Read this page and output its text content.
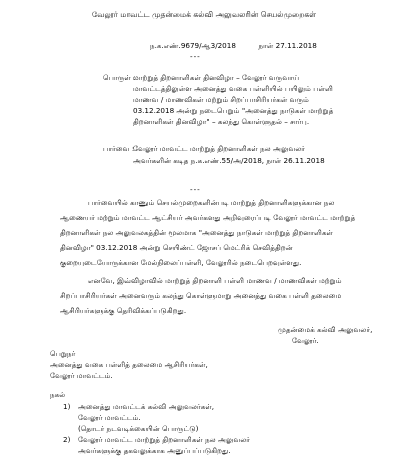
வேலூர் மாவட்ட முதன்மைக் கல்வி அலுவலரின் செயல்முறைகள்
ந.க.எண்.9679/ஆ3/2018	நாள் 27.11.2018
---
பொருள் :
மாற்றுத் திறனாளிகள் தினவிழா – வேலூர் வருவாய்
மாவட்டத்திலுள்ள அனைத்து வகை பள்ளியில் பயிலும் பள்ளி
மாணவ / மாணவிகள் மற்றும் சிறப்பாசிரியர்கள் வரும்
03.12.2018 அன்று நடைபெறும் "அனைத்து நாடுகள் மாற்றுத்
திறனாளிகள் தினவிழா" – கலந்து கொள்ளுதல் – சார்பு.
பார்வை :
வேலூர் மாவட்ட மாற்றுத் திறனாளிகள் நல அலுவலர்
அவர்களின் கடித ந.க.எண்.55/அ/2018, நாள் 26.11.2018
---
பார்வையில் காணும் செயல்முறைகளின்படி மாற்றுத் திறனாளிகளுக்கான நல
ஆணையர் மற்றும் மாவட்ட ஆட்சியர் அவர்களது அறிவுரைப்படி வேலூர் மாவட்ட மாற்றுத்
திறனாளிகள் நல அலுவலகத்தின் மூலமாக "அனைத்து நாடுகள் மாற்றுத் திறனாளிகள்
தினவிழா" 03.12.2018 அன்று செயிண்ட் ஜோசப் மெட்ரிக் செவித்திறன்
குறையுடையோருக்கான மேல்நிலைப்பள்ளி, வேலூரில் நடைபெறவுள்ளது.
எனவே, இவ்விழாவில் மாற்றுத் திறனாளி பள்ளி மாணவ / மாணவிகள் மற்றும்
சிறப்பாசிரியர்கள் அனைவரும் கலந்து கொள்ளுமாறு அனைத்து வகை பள்ளி தலைமை
ஆசிரியர்களுக்கு தெரிவிக்கப்படுகிறது.
முதன்மைக் கல்வி அலுவலர்,
வேலூர்.
பெறுநர்
அனைத்து வகை பள்ளித் தலைமை ஆசிரியர்கள்,
வேலூர் மாவட்டம்.
நகல்
1) அனைத்து மாவட்டக் கல்வி அலுவலர்கள்,
வேலூர் மாவட்டம்.
(தொடர் நடவடிக்கையின் பொருட்டு)
2) வேலூர் மாவட்ட மாற்றுத் திறனாளிகள் நல அலுவலர்
அவர்களுக்கு தகவலுக்காக அனுப்பப்படுகிறது.
